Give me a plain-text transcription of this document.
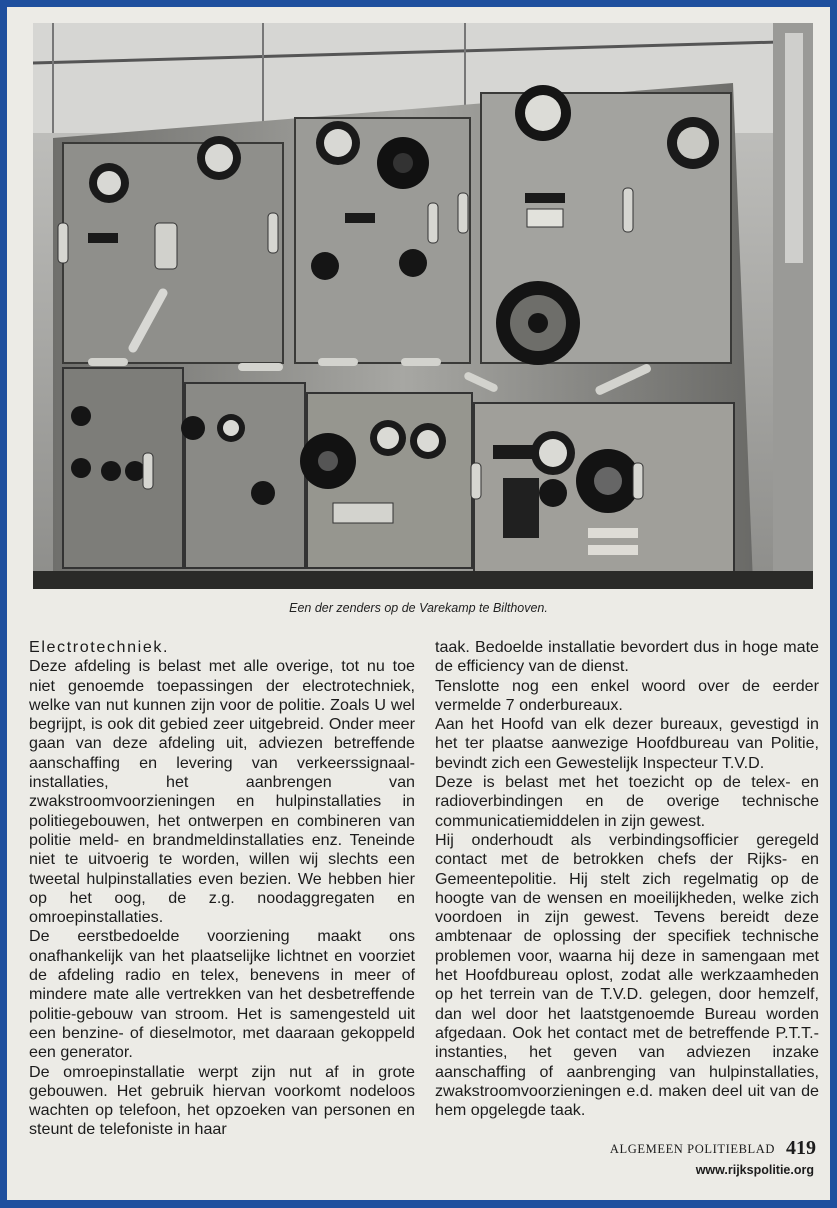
Een der zenders op de Varekamp te Bilthoven.

Electrotechniek.

Deze afdeling is belast met alle overige, tot nu toe niet genoemde toepassingen der electrotechniek, welke van nut kunnen zijn voor de politie. Zoals U wel begrijpt, is ook dit gebied zeer uitgebreid. Onder meer gaan van deze afdeling uit, adviezen betreffende aanschaffing en levering van verkeerssignaal-installaties, het aanbrengen van zwakstroomvoorzieningen en hulpinstallaties in politiegebouwen, het ontwerpen en combineren van politie meld- en brandmeldinstallaties enz. Teneinde niet te uitvoerig te worden, willen wij slechts een tweetal hulpinstallaties even bezien. We hebben hier op het oog, de z.g. noodaggregaten en omroepinstallaties.

De eerstbedoelde voorziening maakt ons onafhankelijk van het plaatselijke lichtnet en voorziet de afdeling radio en telex, benevens in meer of mindere mate alle vertrekken van het desbetreffende politie-gebouw van stroom. Het is samengesteld uit een benzine- of dieselmotor, met daaraan gekoppeld een generator.

De omroepinstallatie werpt zijn nut af in grote gebouwen. Het gebruik hiervan voorkomt nodeloos wachten op telefoon, het opzoeken van personen en steunt de telefoniste in haar

taak. Bedoelde installatie bevordert dus in hoge mate de efficiency van de dienst.

Tenslotte nog een enkel woord over de eerder vermelde 7 onderbureaux.

Aan het Hoofd van elk dezer bureaux, gevestigd in het ter plaatse aanwezige Hoofdbureau van Politie, bevindt zich een Gewestelijk Inspecteur T.V.D.

Deze is belast met het toezicht op de telex- en radioverbindingen en de overige technische communicatiemiddelen in zijn gewest.

Hij onderhoudt als verbindingsofficier geregeld contact met de betrokken chefs der Rijks- en Gemeentepolitie. Hij stelt zich regelmatig op de hoogte van de wensen en moeilijkheden, welke zich voordoen in zijn gewest. Tevens bereidt deze ambtenaar de oplossing der specifiek technische problemen voor, waarna hij deze in samengaan met het Hoofdbureau oplost, zodat alle werkzaamheden op het terrein van de T.V.D. gelegen, door hemzelf, dan wel door het laatstgenoemde Bureau worden afgedaan. Ook het contact met de betreffende P.T.T.-instanties, het geven van adviezen inzake aanschaffing of aanbrenging van hulpinstallaties, zwakstroomvoorzieningen e.d. maken deel uit van de hem opgelegde taak.

ALGEMEEN POLITIEBLAD 419
www.rijkspolitie.org
